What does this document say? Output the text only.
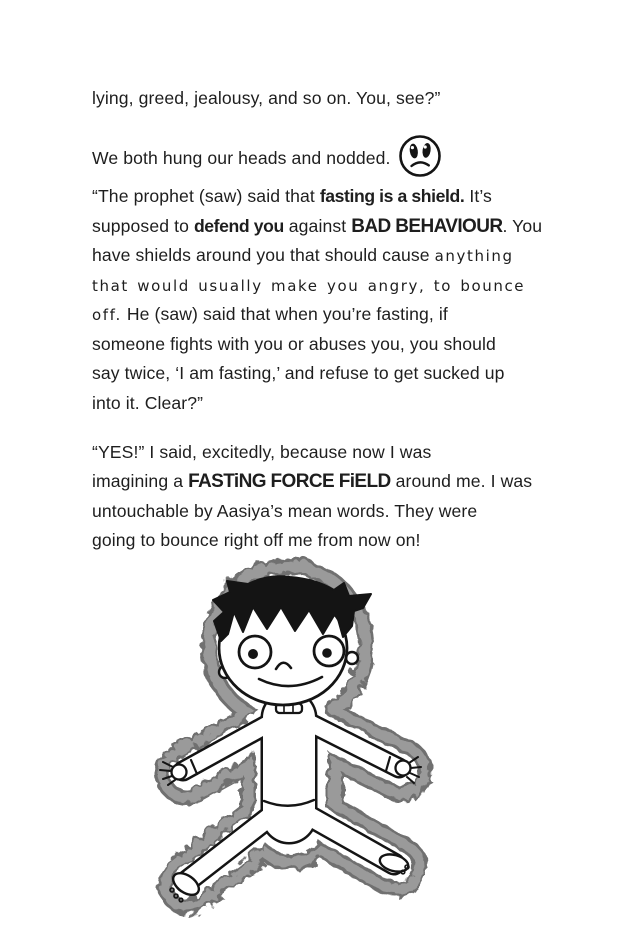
lying, greed, jealousy, and so on. You, see?”
We both hung our heads and nodded.
“The prophet (saw) said that fasting is a shield. It’s
supposed to defend you against BAD BEHAVIOUR. You
have shields around you that should cause anything
that would usually make you angry, to bounce
off. He (saw) said that when you’re fasting, if
someone fights with you or abuses you, you should
say twice, ‘I am fasting,’ and refuse to get sucked up
into it. Clear?”
“YES!” I said, excitedly, because now I was
imagining a FASTiNG FORCE FiELD around me. I was
untouchable by Aasiya’s mean words. They were
going to bounce right off me from now on!
